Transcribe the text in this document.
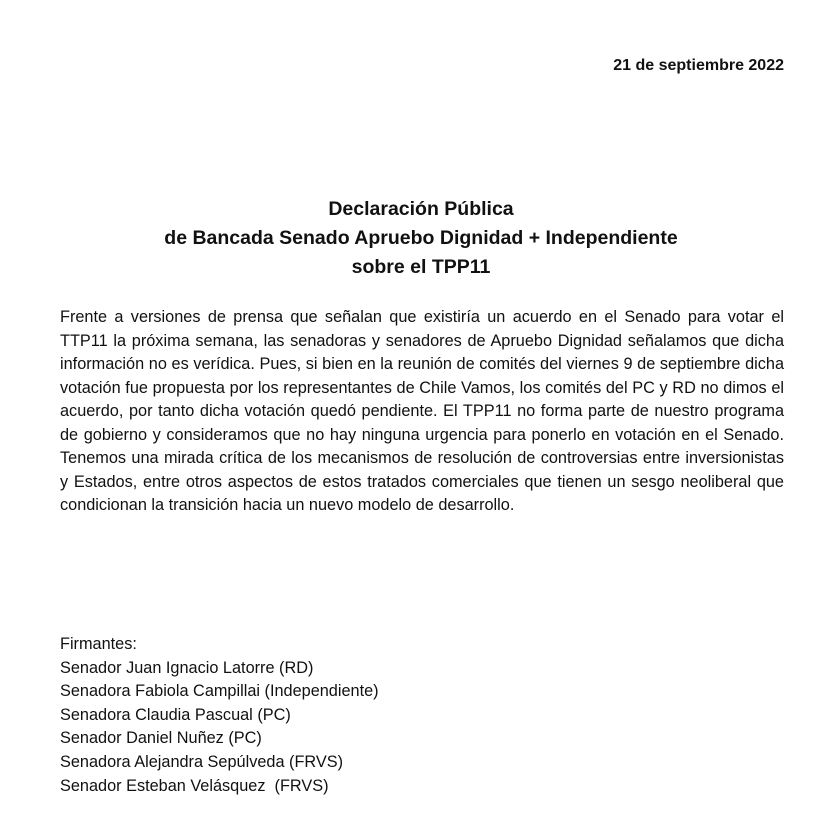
21 de septiembre 2022
Declaración Pública
de Bancada Senado Apruebo Dignidad + Independiente
sobre el TPP11
Frente a versiones de prensa que señalan que existiría un acuerdo en el Senado para votar el TTP11 la próxima semana, las senadoras y senadores de Apruebo Dignidad señalamos que dicha información no es verídica. Pues, si bien en la reunión de comités del viernes 9 de septiembre dicha votación fue propuesta por los representantes de Chile Vamos, los comités del PC y RD no dimos el acuerdo, por tanto dicha votación quedó pendiente. El TPP11 no forma parte de nuestro programa de gobierno y consideramos que no hay ninguna urgencia para ponerlo en votación en el Senado. Tenemos una mirada crítica de los mecanismos de resolución de controversias entre inversionistas y Estados, entre otros aspectos de estos tratados comerciales que tienen un sesgo neoliberal que condicionan la transición hacia un nuevo modelo de desarrollo.
Firmantes:
Senador Juan Ignacio Latorre (RD)
Senadora Fabiola Campillai (Independiente)
Senadora Claudia Pascual (PC)
Senador Daniel Nuñez (PC)
Senadora Alejandra Sepúlveda (FRVS)
Senador Esteban Velásquez  (FRVS)
